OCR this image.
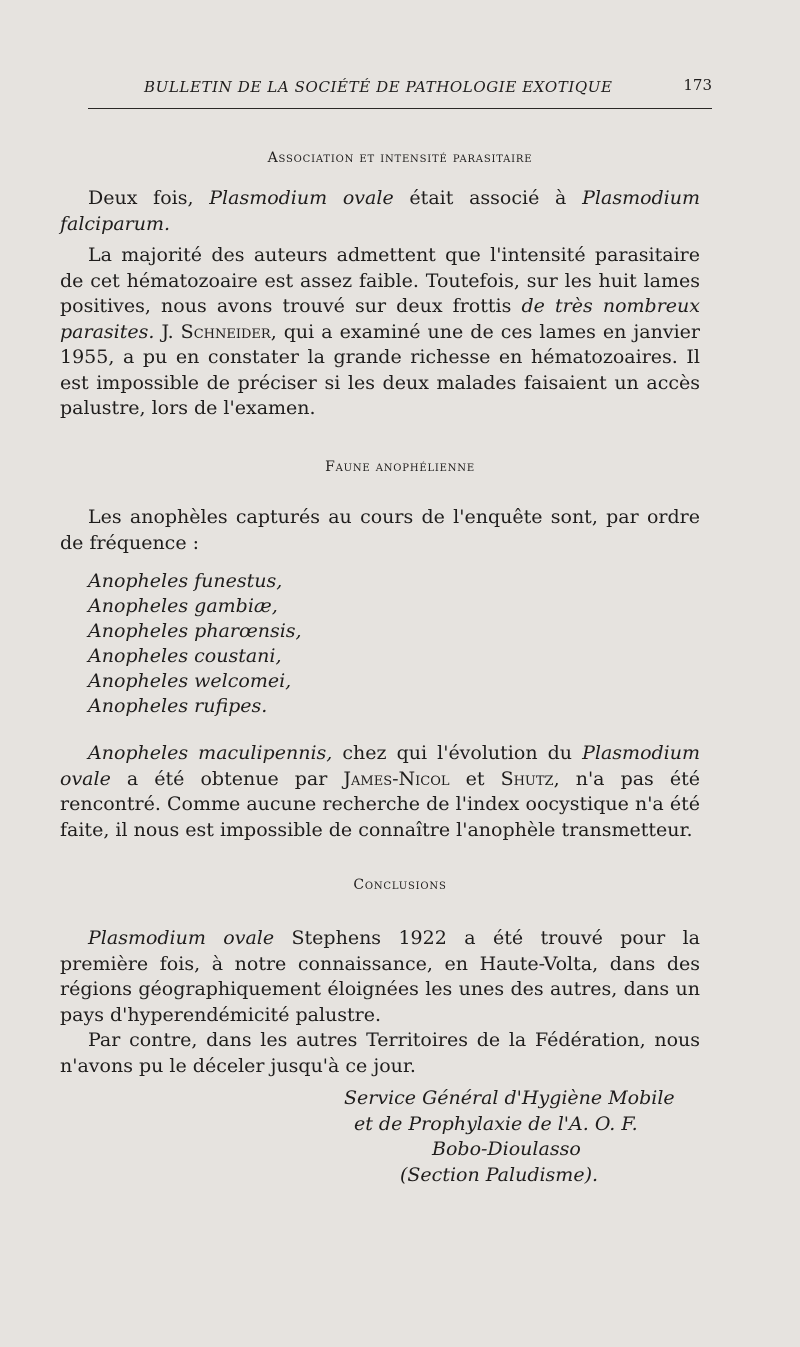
BULLETIN DE LA SOCIÉTÉ DE PATHOLOGIE EXOTIQUE	173
Association et intensité parasitaire

Deux fois, Plasmodium ovale était associé à Plasmodium falciparum.

La majorité des auteurs admettent que l'intensité parasitaire de cet hématozoaire est assez faible. Toutefois, sur les huit lames positives, nous avons trouvé sur deux frottis de très nombreux parasites. J. Schneider, qui a examiné une de ces lames en janvier 1955, a pu en constater la grande richesse en hématozoaires. Il est impossible de préciser si les deux malades faisaient un accès palustre, lors de l'examen.

Faune anophélienne

Les anophèles capturés au cours de l'enquête sont, par ordre de fréquence :

Anopheles funestus,
Anopheles gambiæ,
Anopheles pharœnsis,
Anopheles coustani,
Anopheles welcomei,
Anopheles rufipes.

Anopheles maculipennis, chez qui l'évolution du Plasmodium ovale a été obtenue par James-Nicol et Shutz, n'a pas été rencontré. Comme aucune recherche de l'index oocystique n'a été faite, il nous est impossible de connaître l'anophèle transmetteur.

Conclusions

Plasmodium ovale Stephens 1922 a été trouvé pour la première fois, à notre connaissance, en Haute-Volta, dans des régions géographiquement éloignées les unes des autres, dans un pays d'hyperendémicité palustre.

Par contre, dans les autres Territoires de la Fédération, nous n'avons pu le déceler jusqu'à ce jour.

Service Général d'Hygiène Mobile
et de Prophylaxie de l'A. O. F.
Bobo-Dioulasso
(Section Paludisme).
